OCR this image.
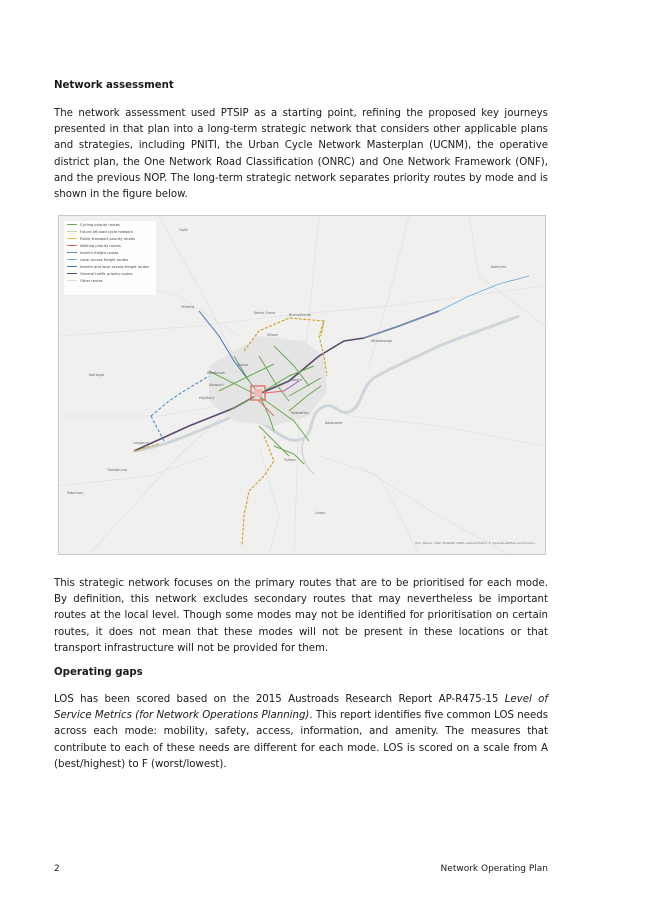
Network assessment

The network assessment used PTSIP as a starting point, refining the proposed key journeys presented in that plan into a long-term strategic network that considers other applicable plans and strategies, including PNITI, the Urban Cycle Network Masterplan (UCNM), the operative district plan, the One Network Road Classification (ONRC) and One Network Framework (ONF), and the previous NOP. The long-term strategic network separates priority routes by mode and is shown in the figure below.

Bunnythorpe
Ashhurst
Feilding
Kairanga
Longburn
Kelvin Grove
Whakarongo
Aokautere
Linton
Tokomaru
Tiakitahuna
Opiki
Turitea
Milson
Awapuni
Hokowhitu
Roslyn
Westbrook
Highbury
Takaro
Cycling priority routes
Future off-road cycle network
Public transport priority routes
Walking priority routes
Interim freight routes
Local access freight routes
Interim and local access freight routes
General traffic priority routes
Other routes
Esri, Maxar, LINZ, StatsNZ, NIWA, Natural Earth, © OpenStreetMap contributors

This strategic network focuses on the primary routes that are to be prioritised for each mode. By definition, this network excludes secondary routes that may nevertheless be important routes at the local level. Though some modes may not be identified for prioritisation on certain routes, it does not mean that these modes will not be present in these locations or that transport infrastructure will not be provided for them.

Operating gaps

LOS has been scored based on the 2015 Austroads Research Report AP-R475-15 Level of Service Metrics (for Network Operations Planning). This report identifies five common LOS needs across each mode: mobility, safety, access, information, and amenity. The measures that contribute to each of these needs are different for each mode. LOS is scored on a scale from A (best/highest) to F (worst/lowest).

2	Network Operating Plan
